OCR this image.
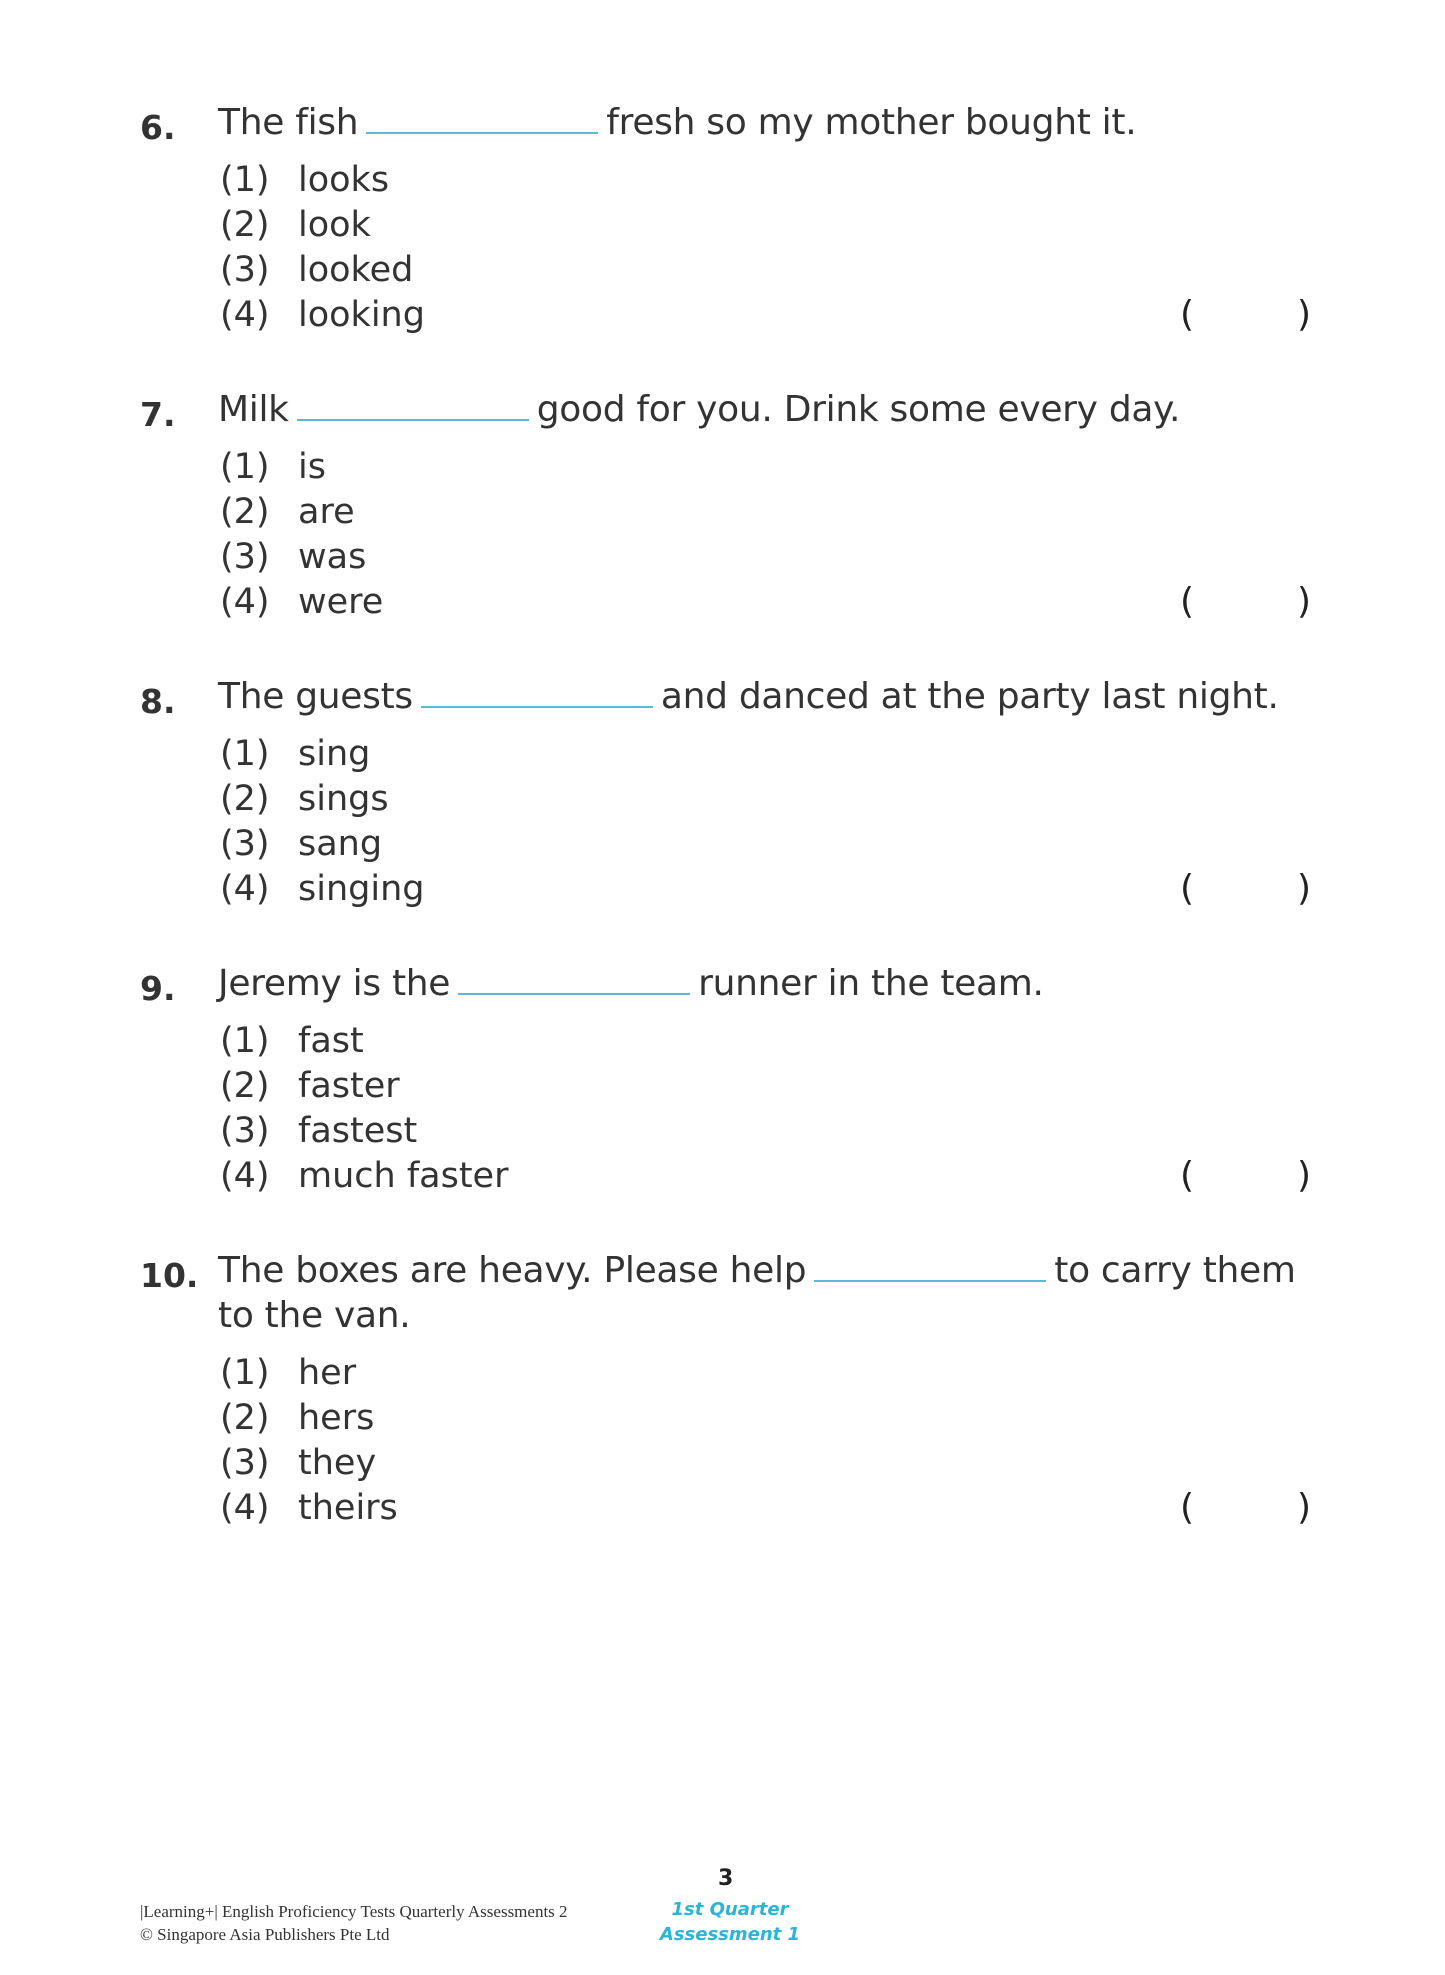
6. The fish	fresh so my mother bought it.
(1) looks
(2) look
(3) looked
(4) looking	(	)
7. Milk	good for you. Drink some every day.
(1) is
(2) are
(3) was
(4) were	(	)
8. The guests	and danced at the party last night.
(1) sing
(2) sings
(3) sang
(4) singing	(	)
9. Jeremy is the	runner in the team.
(1) fast
(2) faster
(3) fastest
(4) much faster	(	)
10. The boxes are heavy. Please help	to carry them
to the van.
(1) her
(2) hers
(3) they
(4) theirs	(	)
|Learning+| English Proficiency Tests Quarterly Assessments 2
© Singapore Asia Publishers Pte Ltd
3
1st Quarter
Assessment 1
